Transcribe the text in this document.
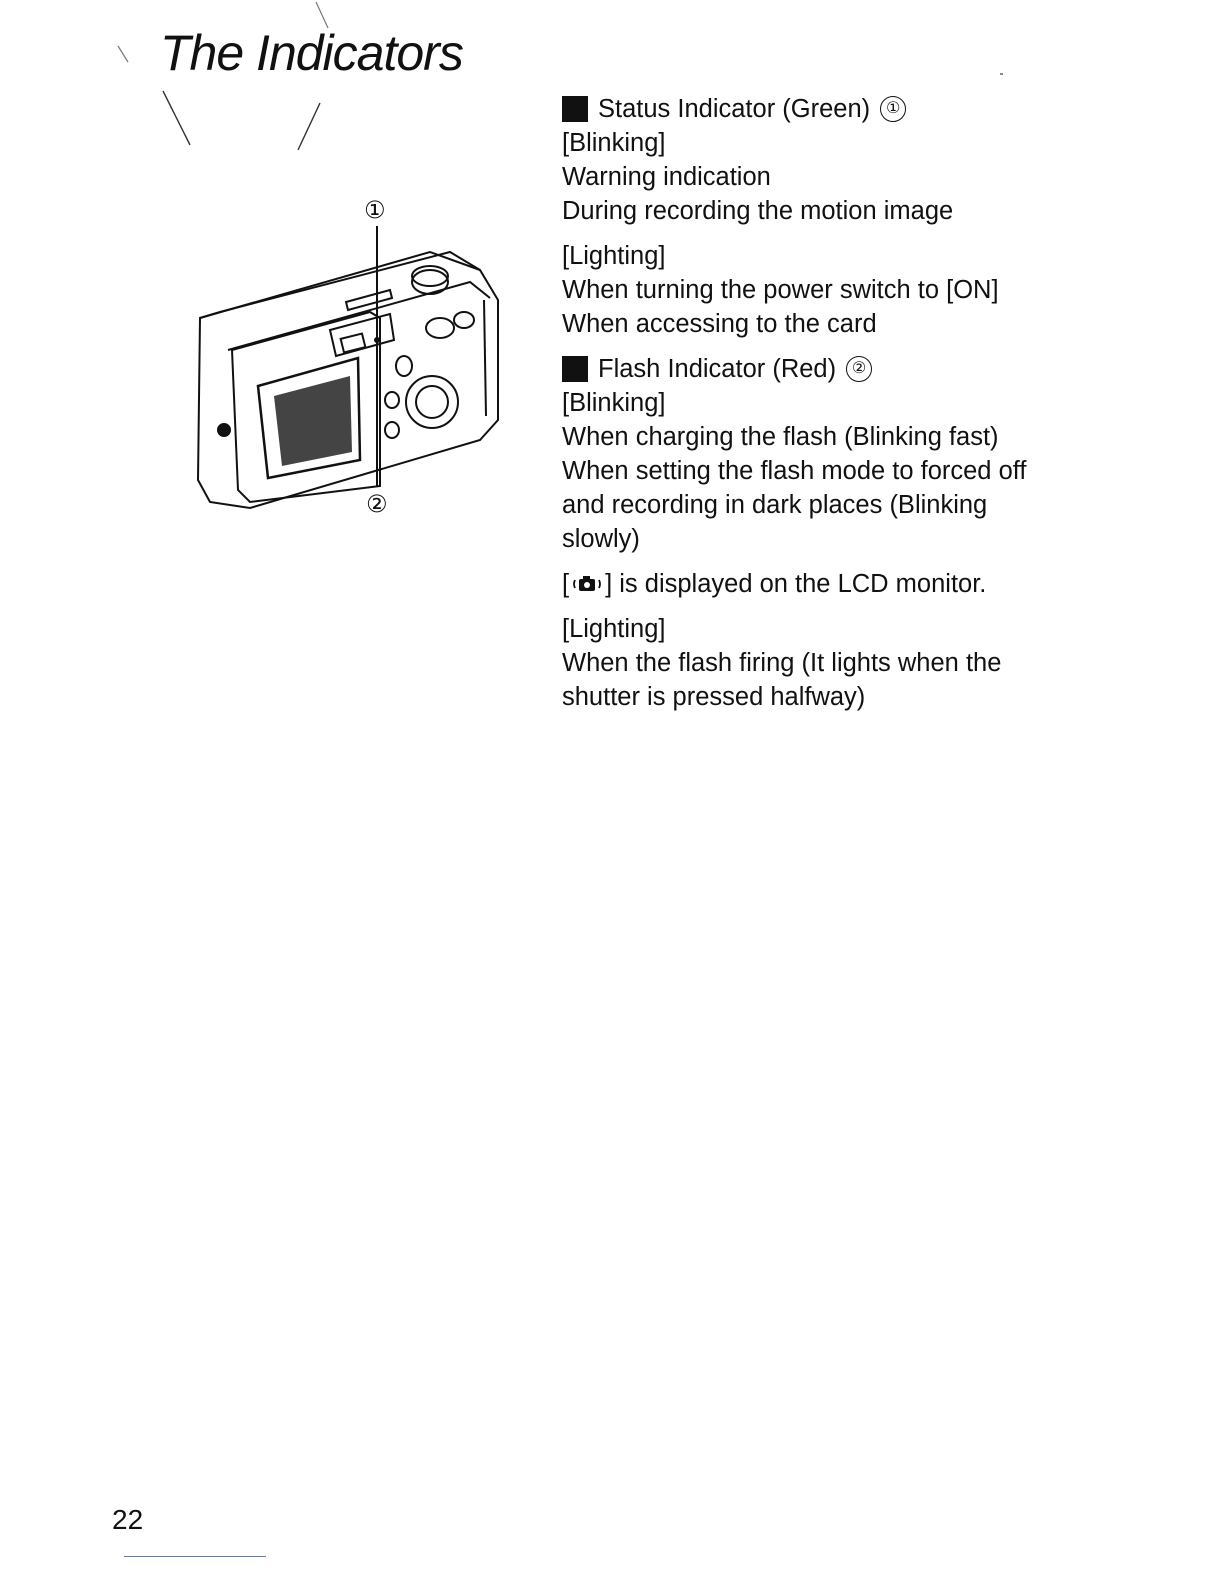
The Indicators
①
②
Status Indicator (Green) ①
[Blinking]
Warning indication
During recording the motion image
[Lighting]
When turning the power switch to [ON]
When accessing to the card
Flash Indicator (Red) ②
[Blinking]
When charging the flash (Blinking fast)
When setting the flash mode to forced off
and recording in dark places (Blinking
slowly)
[ ] is displayed on the LCD monitor.
[Lighting]
When the flash firing (It lights when the
shutter is pressed halfway)

22
